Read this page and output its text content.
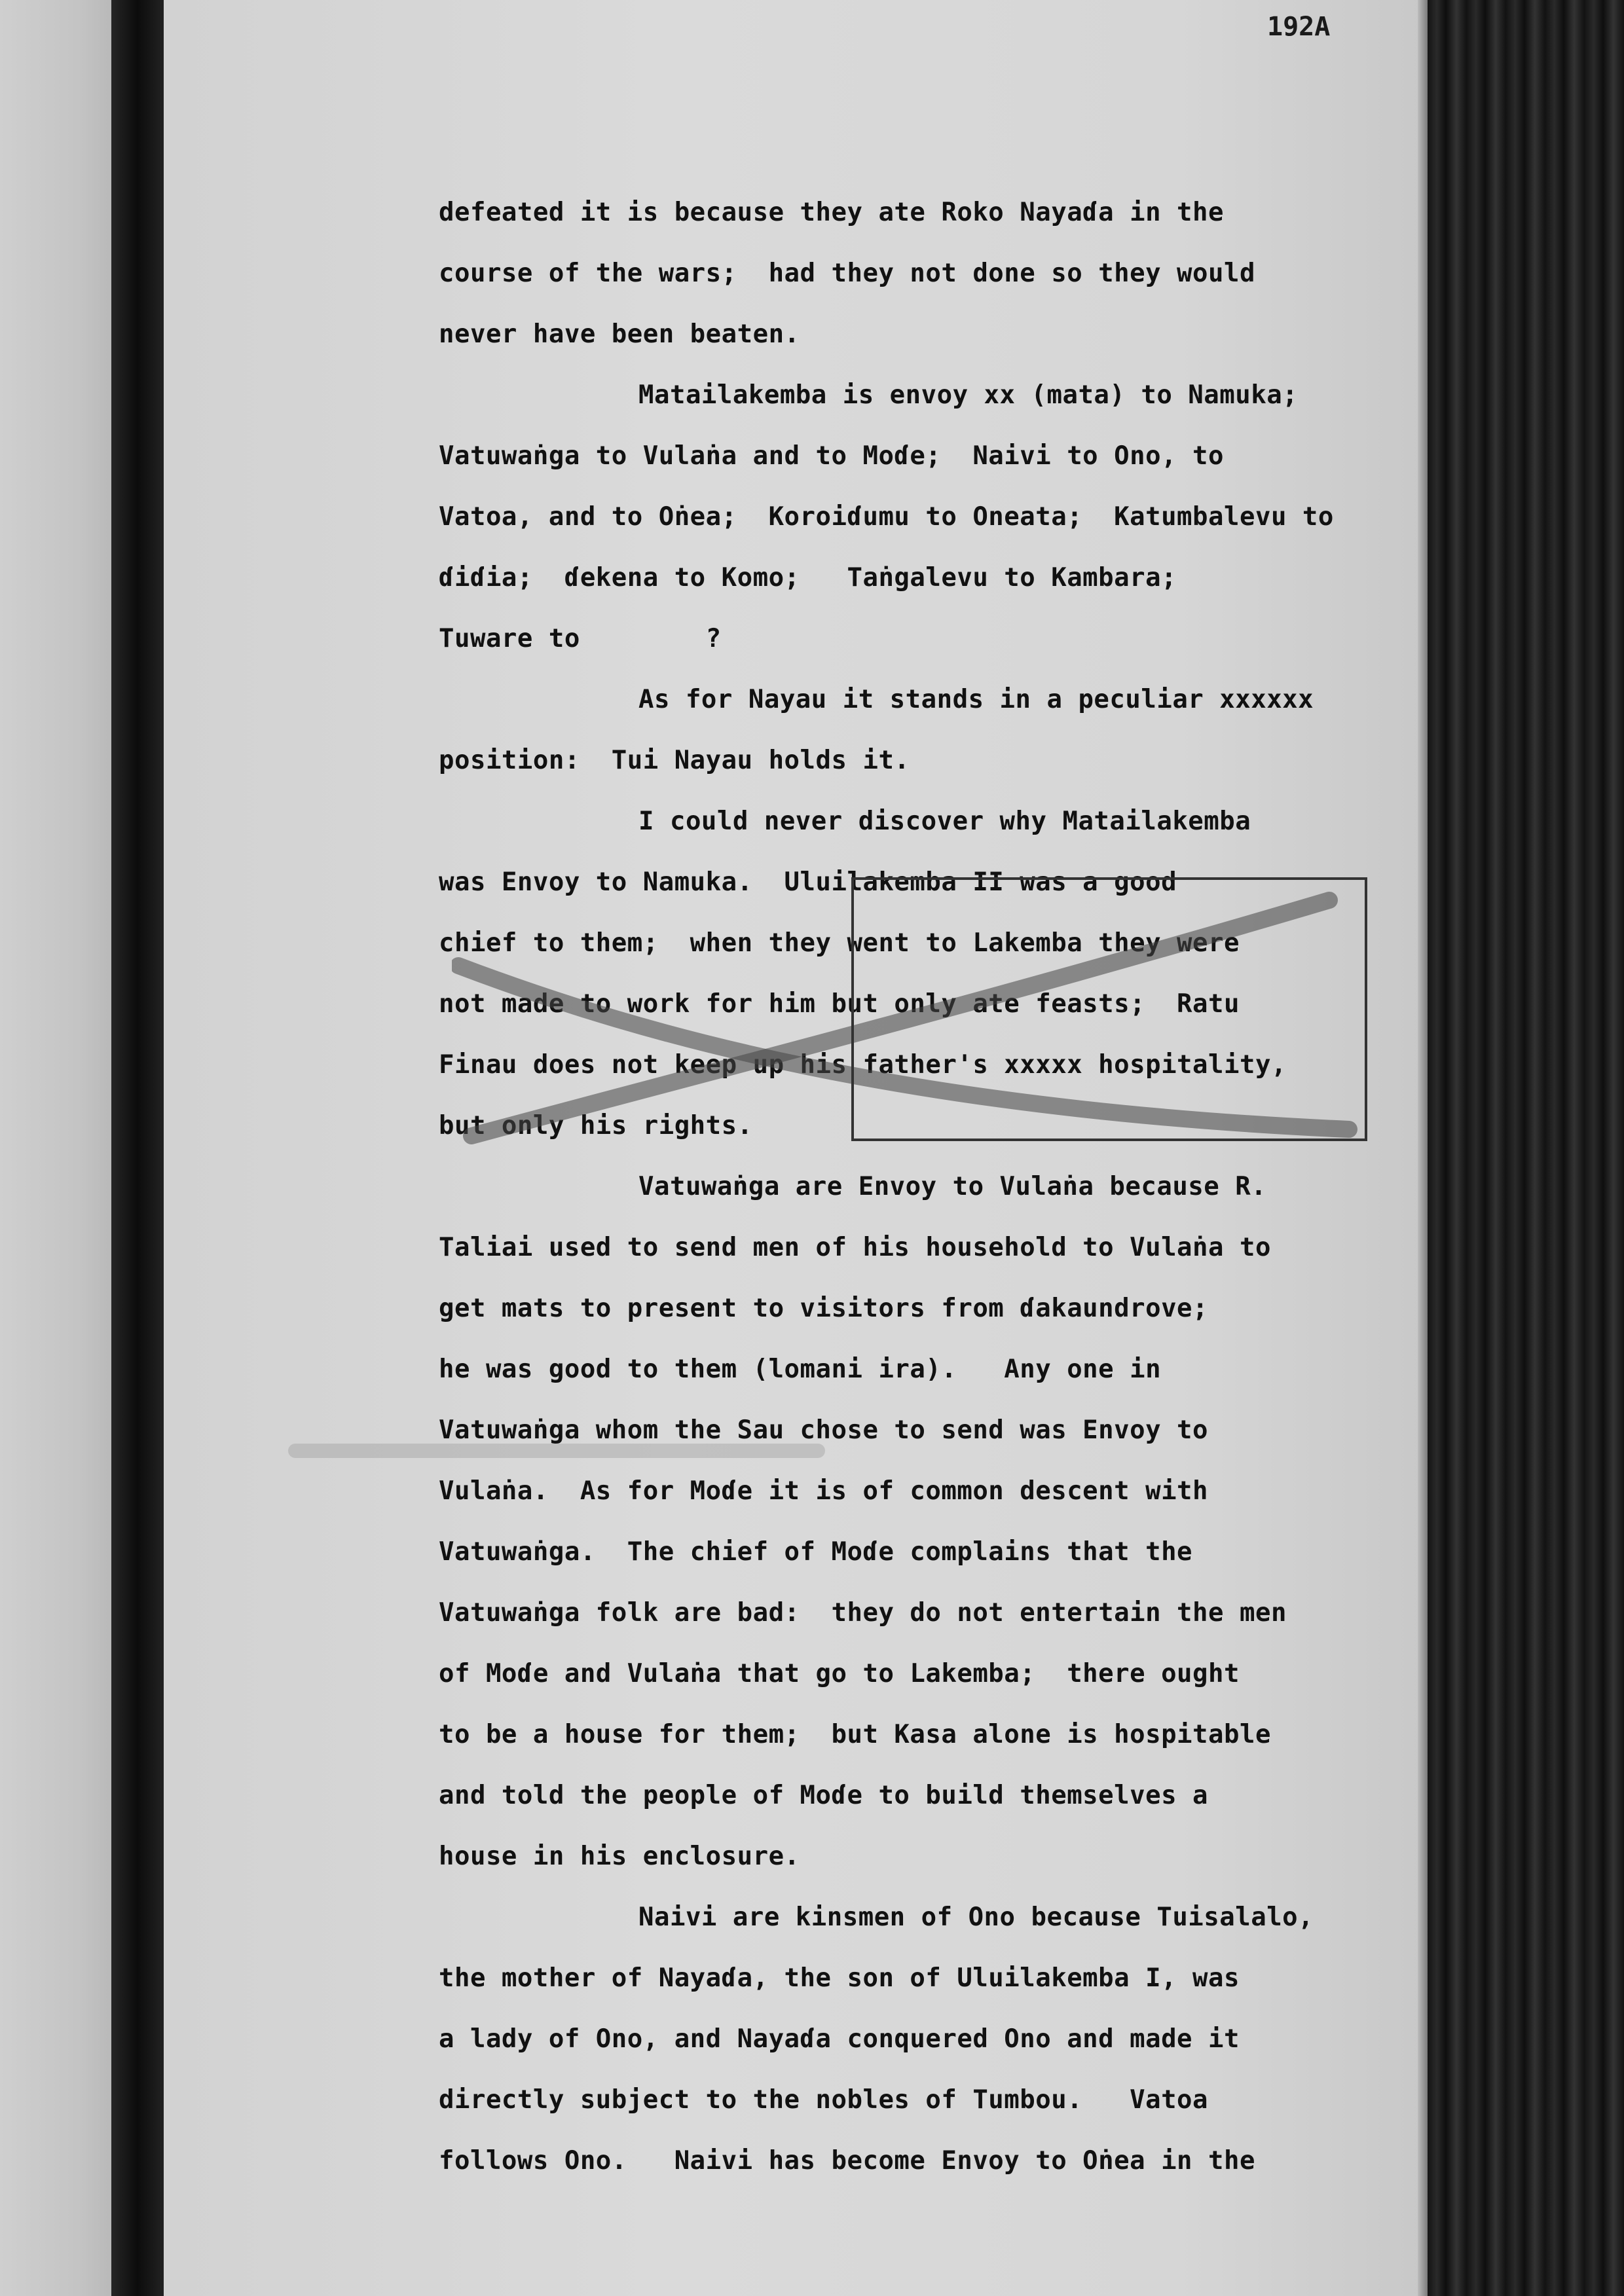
192A
defeated it is because they ate Roko Nayaɗa in the
course of the wars;  had they not done so they would
never have been beaten.
Matailakemba is envoy xx (mata) to Namuka;
Vatuwaṅga to Vulaṅa and to Moɗe;  Naivi to Ono, to
Vatoa, and to Oṅea;  Koroiɗumu to Oneata;  Katumbalevu to
ɗiɗia;  ɗekena to Komo;   Taṅgalevu to Kambara;
Tuware to        ?
As for Nayau it stands in a peculiar xxxxxx
position:  Tui Nayau holds it.
I could never discover why Matailakemba
was Envoy to Namuka.  Uluilakemba II was a good
chief to them;  when they went to Lakemba they were
not made to work for him but only ate feasts;  Ratu
Finau does not keep up his father's xxxxx hospitality,
but only his rights.
Vatuwaṅga are Envoy to Vulaṅa because R.
Taliai used to send men of his household to Vulaṅa to
get mats to present to visitors from ɗakaundrove;
he was good to them (lomani ira).   Any one in
Vatuwaṅga whom the Sau chose to send was Envoy to
Vulaṅa.  As for Moɗe it is of common descent with
Vatuwaṅga.  The chief of Moɗe complains that the
Vatuwaṅga folk are bad:  they do not entertain the men
of Moɗe and Vulaṅa that go to Lakemba;  there ought
to be a house for them;  but Kasa alone is hospitable
and told the people of Moɗe to build themselves a
house in his enclosure.
Naivi are kinsmen of Ono because Tuisalalo,
the mother of Nayaɗa, the son of Uluilakemba I, was
a lady of Ono, and Nayaɗa conquered Ono and made it
directly subject to the nobles of Tumbou.   Vatoa
follows Ono.   Naivi has become Envoy to Oṅea in the
